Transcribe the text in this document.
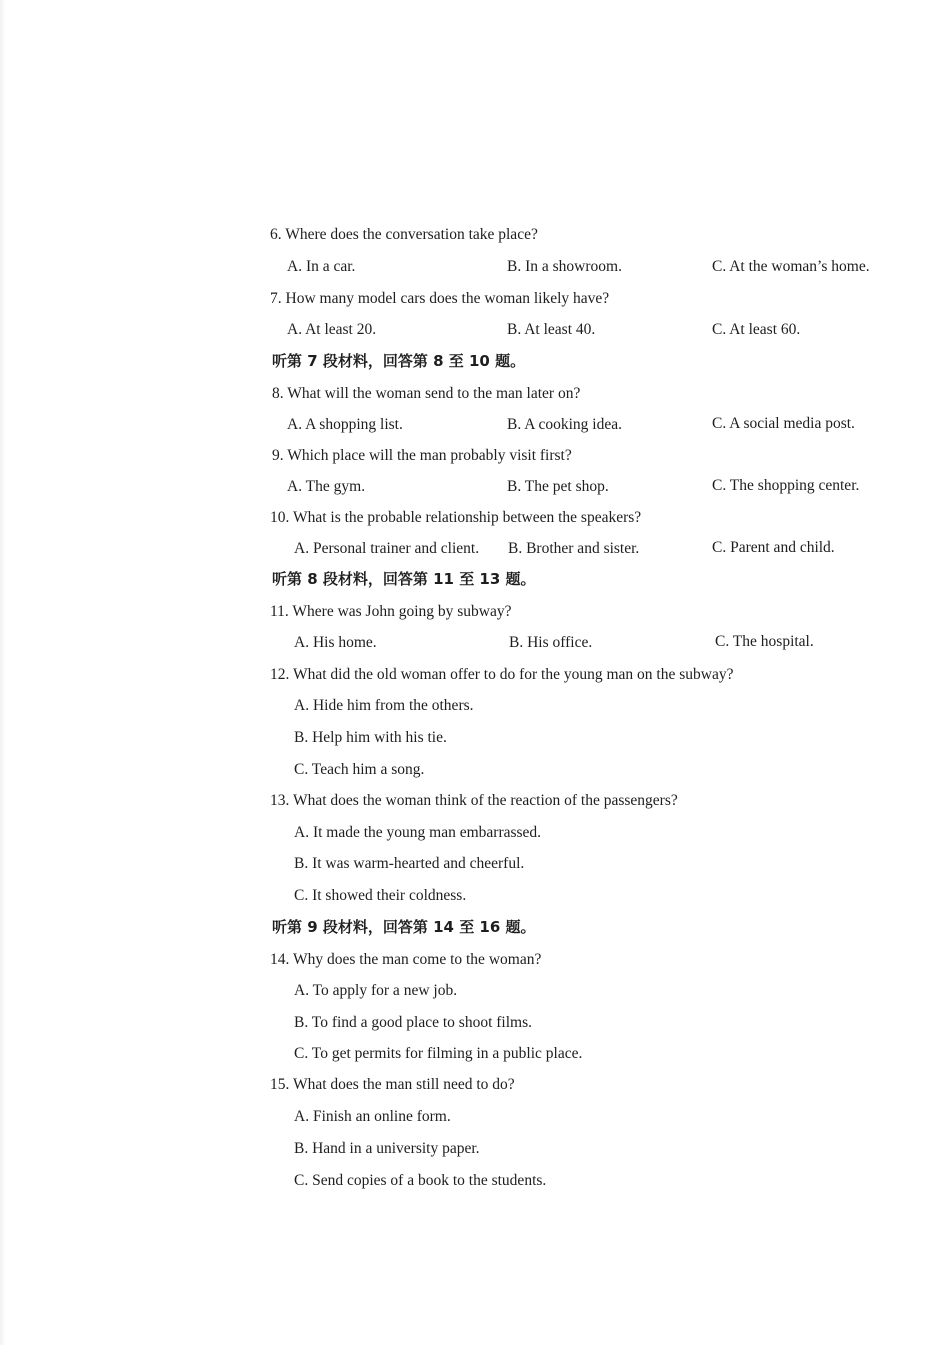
6. Where does the conversation take place?
A. In a car.	B. In a showroom.	C. At the woman’s home.
7. How many model cars does the woman likely have?
A. At least 20.	B. At least 40.	C. At least 60.
听第 7 段材料，回答第 8 至 10 题。
8. What will the woman send to the man later on?
A. A shopping list.	B. A cooking idea.	C. A social media post.
9. Which place will the man probably visit first?
A. The gym.	B. The pet shop.	C. The shopping center.
10. What is the probable relationship between the speakers?
A. Personal trainer and client. B. Brother and sister.	C. Parent and child.
听第 8 段材料，回答第 11 至 13 题。
11. Where was John going by subway?
A. His home.	B. His office.	C. The hospital.
12. What did the old woman offer to do for the young man on the subway?
A. Hide him from the others.
B. Help him with his tie.
C. Teach him a song.
13. What does the woman think of the reaction of the passengers?
A. It made the young man embarrassed.
B. It was warm-hearted and cheerful.
C. It showed their coldness.
听第 9 段材料，回答第 14 至 16 题。
14. Why does the man come to the woman?
A. To apply for a new job.
B. To find a good place to shoot films.
C. To get permits for filming in a public place.
15. What does the man still need to do?
A. Finish an online form.
B. Hand in a university paper.
C. Send copies of a book to the students.
